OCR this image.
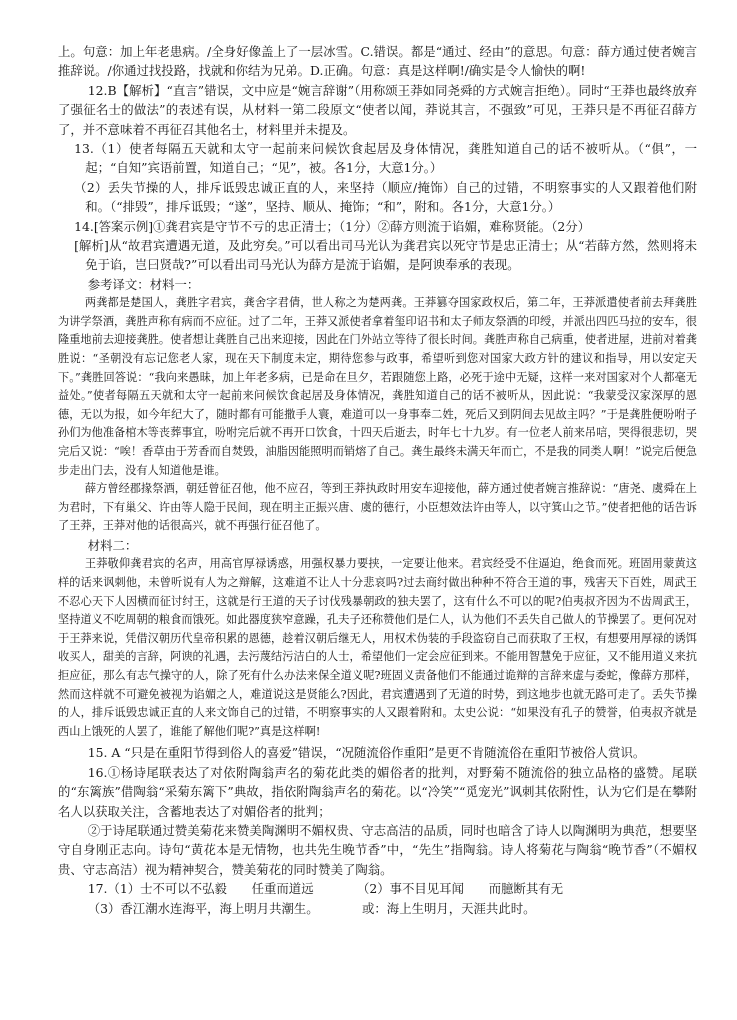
上。句意：加上年老患病。/全身好像盖上了一层冰雪。C.错误。都是“通过、经由”的意思。句意：薛方通过使者婉言推辞说。/你通过找投路，找就和你结为兄弟。D.正确。句意：真是这样啊!/确实是令人愉快的啊!

12.B【解析】“直言”错误，文中应是“婉言辞谢”（用称颂王莽如同尧舜的方式婉言拒绝）。同时“王莽也最终放弃了强征名士的做法”的表述有误，从材料一第二段原文“使者以闻，莽说其言，不强致”可见，王莽只是不再征召薛方了，并不意味着不再征召其他名士，材料里并未提及。

13.（1）使者每隔五天就和太守一起前来问候饮食起居及身体情况，龚胜知道自己的话不被听从。（“俱”，一起；“自知”宾语前置，知道自己；“见”，被。各1分，大意1分。）

（2）丢失节操的人，排斥诋毁忠诚正直的人，来坚持（顺应/掩饰）自己的过错，不明察事实的人又跟着他们附和。（“排毁”，排斥诋毁；“遂”，坚持、顺从、掩饰；“和”，附和。各1分，大意1分。）

14.[答案示例]①龚君宾是守节不亏的忠正清士；（1分）②薛方则流于谄媚，难称贤能。（2分）

[解析]从“故君宾遭遇无道，及此穷矣。”可以看出司马光认为龚君宾以死守节是忠正清士；从“若薛方然，然则将未免于谄，岂曰贤哉?”可以看出司马光认为薛方是流于谄媚，是阿谀奉承的表现。

参考译文：材料一：

两龚都是楚国人，龚胜字君宾，龚舍字君倩，世人称之为楚两龚。王莽篡夺国家政权后，第二年，王莽派遣使者前去拜龚胜为讲学祭酒，龚胜声称有病而不应征。过了二年，王莽又派使者拿着玺印诏书和太子师友祭酒的印绶，并派出四匹马拉的安车，很隆重地前去迎接龚胜。使者想让龚胜自己出来迎接，因此在门外站立等待了很长时间。龚胜声称自己病重，使者进屋，进前对着龚胜说：“圣朝没有忘记您老人家，现在天下制度未定，期待您参与政事，希望听到您对国家大政方针的建议和指导，用以安定天下。”龚胜回答说：“我向来愚昧，加上年老多病，已是命在旦夕，若跟随您上路，必死于途中无疑，这样一来对国家对个人都毫无益处。”使者每隔五天就和太守一起前来问候饮食起居及身体情况，龚胜知道自己的话不被听从，因此说：“我蒙受汉家深厚的恩德，无以为报，如今年纪大了，随时都有可能撒手人寰，难道可以一身事奉二姓，死后又到阴间去见故主吗？”于是龚胜便吩咐子孙们为他准备棺木等丧葬事宜，吩咐完后就不再开口饮食，十四天后逝去，时年七十九岁。有一位老人前来吊唁，哭得很悲切，哭完后又说：“唉！香草由于芳香而自焚毁，油脂因能照明而销熔了自己。龚生最终未满天年而亡，不是我的同类人啊！”说完后便急步走出门去，没有人知道他是谁。

薛方曾经郡掾祭酒，朝廷曾征召他，他不应召，等到王莽执政时用安车迎接他，薛方通过使者婉言推辞说：“唐尧、虞舜在上为君时，下有巢父、许由等人隐于民间，现在明主正振兴唐、虞的德行，小臣想效法许由等人，以守箕山之节。”使者把他的话告诉了王莽，王莽对他的话很高兴，就不再强行征召他了。

材料二：

王莽敬仰龚君宾的名声，用高官厚禄诱惑，用强权暴力要挟，一定要让他来。君宾经受不住逼迫，绝食而死。班固用蒙黄这样的话来讽刺他，未曾听说有人为之辩解，这难道不让人十分悲哀吗?过去商纣做出种种不符合王道的事，残害天下百姓，周武王不忍心天下人因横而征讨纣王，这就是行王道的天子讨伐残暴朝政的独夫罢了，这有什么不可以的呢?伯夷叔齐因为不齿周武王，坚持道义不吃周朝的粮食而饿死。如此器度狭窄意躁，孔夫子还称赞他们是仁人，认为他们不丢失自己做人的节操罢了。更何况对于王莽来说，凭借汉朝历代皇帝积累的恩德，趁着汉朝后继无人，用权术伪装的手段盗窃自己而获取了王权，有想要用厚禄的诱饵收买人，甜美的言辞，阿谀的礼遇，去污蔑结污洁白的人士，希望他们一定会应征到来。不能用智慧免于应征，又不能用道义来抗拒应征，那么有志气操守的人，除了死有什么办法来保全道义呢?班固义责备他们不能通过诡辩的言辞来虚与委蛇，像薛方那样，然而这样就不可避免被视为谄媚之人，难道说这是贤能么?因此，君宾遭遇到了无道的时势，到这地步也就无路可走了。丢失节操的人，排斥诋毁忠诚正直的人来文饰自己的过错，不明察事实的人又跟着附和。太史公说：“如果没有孔子的赞誉，伯夷叔齐就是西山上饿死的人罢了，谁能了解他们呢?”真是这样啊!

15. A “只是在重阳节得到俗人的喜爱”错误，“况随流俗作重阳”是更不肯随流俗在重阳节被俗人赏识。

16.①杨诗尾联表达了对依附陶翁声名的菊花此类的媚俗者的批判，对野菊不随流俗的独立品格的盛赞。尾联的“东篱族”借陶翁“采菊东篱下”典故，指依附陶翁声名的菊花。以“冷笑”“觅宠光”讽刺其依附性，认为它们是在攀附名人以获取关注，含蓄地表达了对媚俗者的批判；

②于诗尾联通过赞美菊花来赞美陶渊明不媚权贵、守志高洁的品质，同时也暗含了诗人以陶渊明为典范，想要坚守自身刚正志向。诗句“黄花本是无情物，也共先生晚节香”中，“先生”指陶翁。诗人将菊花与陶翁“晚节香”（不媚权贵、守志高洁）视为精神契合，赞美菊花的同时赞美了陶翁。

17.（1）士不可以不弘毅　　任重而道远　　　　（2）事不目见耳闻　　而臆断其有无

（3）香江潮水连海平，海上明月共潮生。　　　　或：海上生明月，天涯共此时。
